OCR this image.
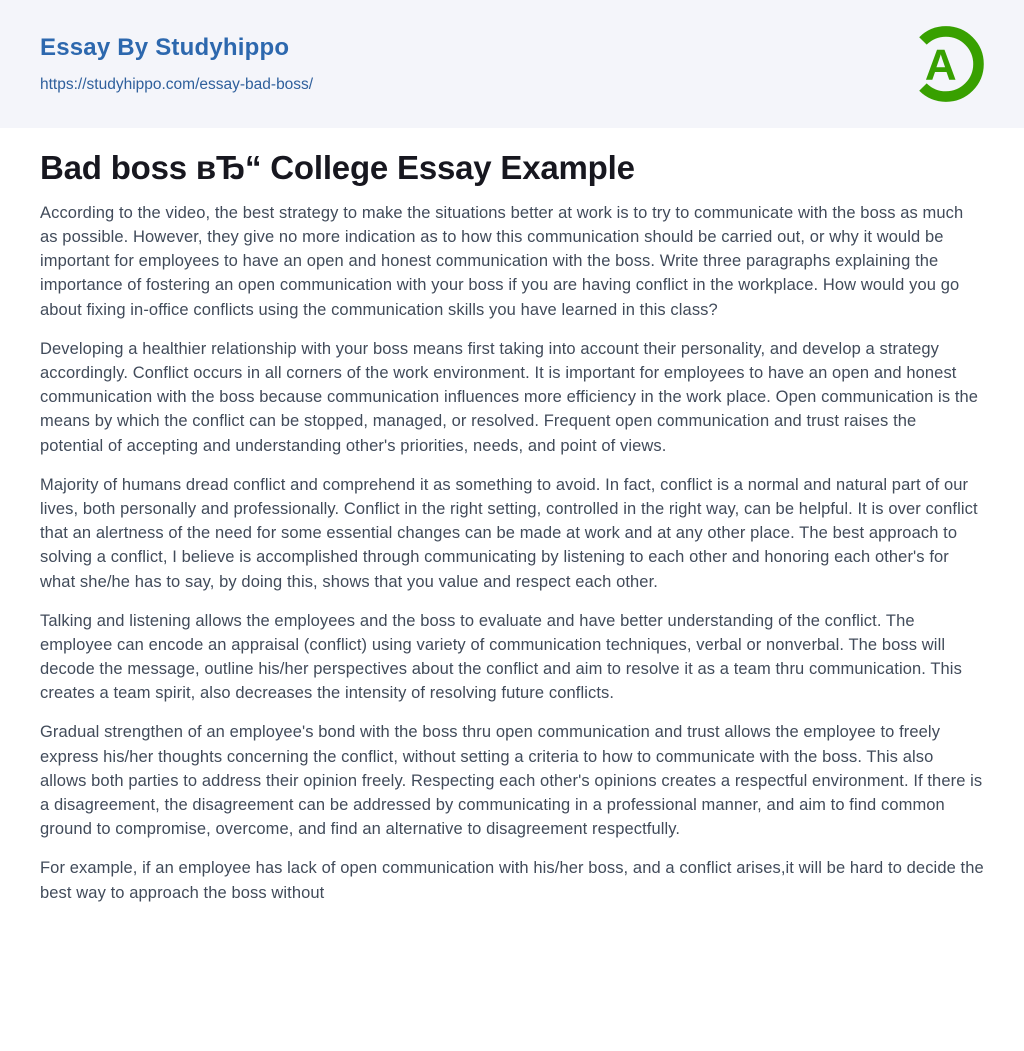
Essay By Studyhippo
https://studyhippo.com/essay-bad-boss/	A
Bad boss вЂ“ College Essay Example

According to the video, the best strategy to make the situations better at work is to try to communicate with the boss as much as possible. However, they give no more indication as to how this communication should be carried out, or why it would be important for employees to have an open and honest communication with the boss. Write three paragraphs explaining the importance of fostering an open communication with your boss if you are having conflict in the workplace. How would you go about fixing in-office conflicts using the communication skills you have learned in this class?

Developing a healthier relationship with your boss means first taking into account their personality, and develop a strategy accordingly. Conflict occurs in all corners of the work environment. It is important for employees to have an open and honest communication with the boss because communication influences more efficiency in the work place. Open communication is the means by which the conflict can be stopped, managed, or resolved. Frequent open communication and trust raises the potential of accepting and understanding other's priorities, needs, and point of views.

Majority of humans dread conflict and comprehend it as something to avoid. In fact, conflict is a normal and natural part of our lives, both personally and professionally. Conflict in the right setting, controlled in the right way, can be helpful. It is over conflict that an alertness of the need for some essential changes can be made at work and at any other place. The best approach to solving a conflict, I believe is accomplished through communicating by listening to each other and honoring each other's for what she/he has to say, by doing this, shows that you value and respect each other.

Talking and listening allows the employees and the boss to evaluate and have better understanding of the conflict. The employee can encode an appraisal (conflict) using variety of communication techniques, verbal or nonverbal. The boss will decode the message, outline his/her perspectives about the conflict and aim to resolve it as a team thru communication. This creates a team spirit, also decreases the intensity of resolving future conflicts.

Gradual strengthen of an employee's bond with the boss thru open communication and trust allows the employee to freely express his/her thoughts concerning the conflict, without setting a criteria to how to communicate with the boss. This also allows both parties to address their opinion freely. Respecting each other's opinions creates a respectful environment. If there is a disagreement, the disagreement can be addressed by communicating in a professional manner, and aim to find common ground to compromise, overcome, and find an alternative to disagreement respectfully.

For example, if an employee has lack of open communication with his/her boss, and a conflict arises,it will be hard to decide the best way to approach the boss without
